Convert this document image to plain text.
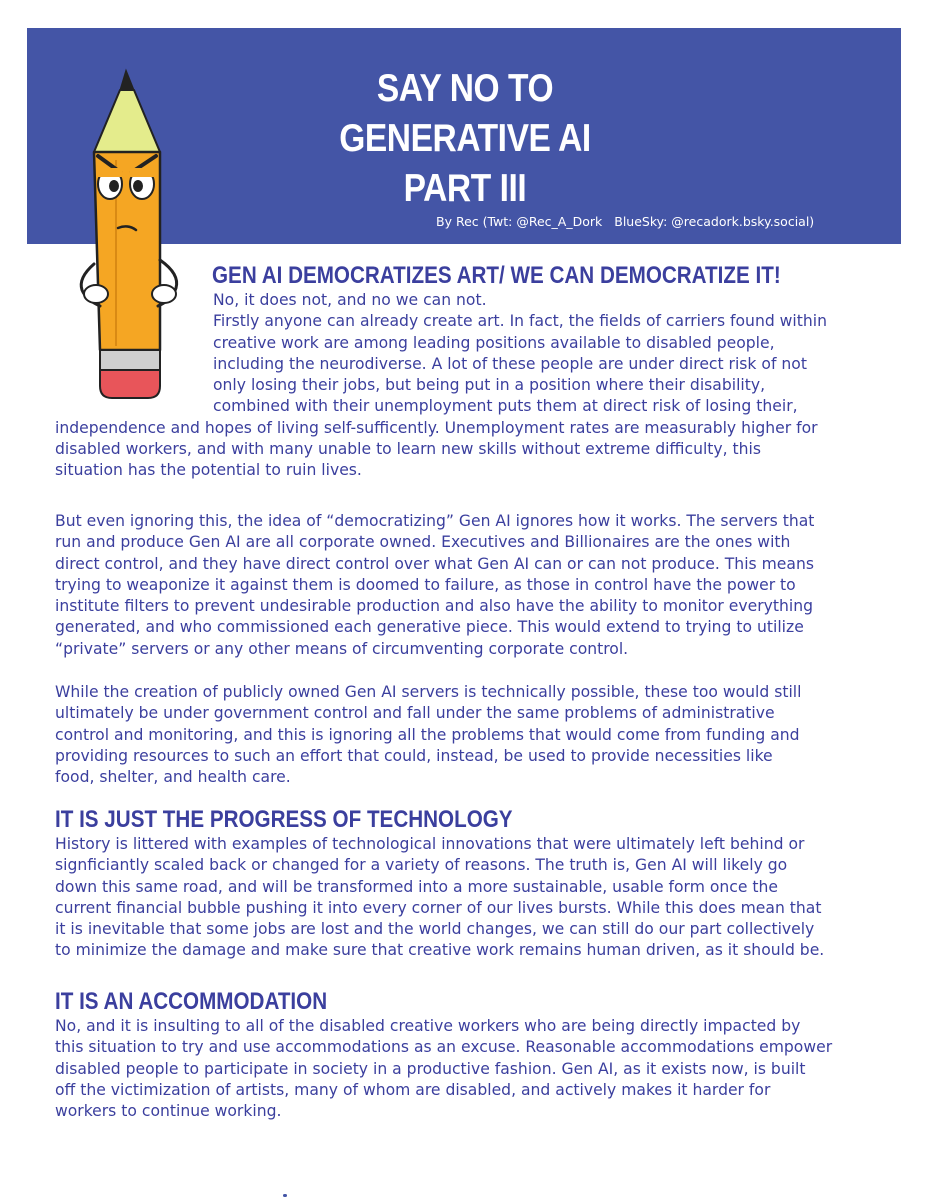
SAY NO TO
GENERATIVE AI
PART III
By Rec (Twt: @Rec_A_Dork BlueSky: @recadork.bsky.social)
GEN AI DEMOCRATIZES ART/ WE CAN DEMOCRATIZE IT!
No, it does not, and no we can not.
Firstly anyone can already create art. In fact, the fields of carriers found within
creative work are among leading positions available to disabled people,
including the neurodiverse. A lot of these people are under direct risk of not
only losing their jobs, but being put in a position where their disability,
combined with their unemployment puts them at direct risk of losing their,
independence and hopes of living self-sufficently. Unemployment rates are measurably higher for
disabled workers, and with many unable to learn new skills without extreme difficulty, this
situation has the potential to ruin lives.
But even ignoring this, the idea of “democratizing” Gen AI ignores how it works. The servers that
run and produce Gen AI are all corporate owned. Executives and Billionaires are the ones with
direct control, and they have direct control over what Gen AI can or can not produce. This means
trying to weaponize it against them is doomed to failure, as those in control have the power to
institute filters to prevent undesirable production and also have the ability to monitor everything
generated, and who commissioned each generative piece. This would extend to trying to utilize
“private” servers or any other means of circumventing corporate control.
While the creation of publicly owned Gen AI servers is technically possible, these too would still
ultimately be under government control and fall under the same problems of administrative
control and monitoring, and this is ignoring all the problems that would come from funding and
providing resources to such an effort that could, instead, be used to provide necessities like
food, shelter, and health care.
IT IS JUST THE PROGRESS OF TECHNOLOGY
History is littered with examples of technological innovations that were ultimately left behind or
signficiantly scaled back or changed for a variety of reasons. The truth is, Gen AI will likely go
down this same road, and will be transformed into a more sustainable, usable form once the
current financial bubble pushing it into every corner of our lives bursts. While this does mean that
it is inevitable that some jobs are lost and the world changes, we can still do our part collectively
to minimize the damage and make sure that creative work remains human driven, as it should be.
IT IS AN ACCOMMODATION
No, and it is insulting to all of the disabled creative workers who are being directly impacted by
this situation to try and use accommodations as an excuse. Reasonable accommodations empower
disabled people to participate in society in a productive fashion. Gen AI, as it exists now, is built
off the victimization of artists, many of whom are disabled, and actively makes it harder for
workers to continue working.
